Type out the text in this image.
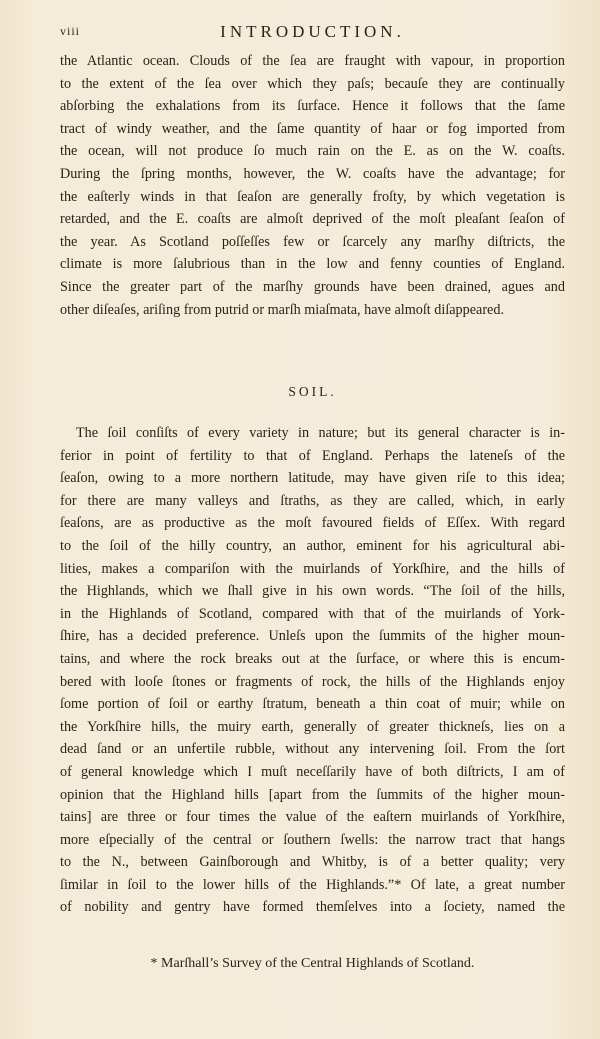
viii	INTRODUCTION.
the Atlantic ocean. Clouds of the ſea are fraught with vapour, in proportion
to the extent of the ſea over which they paſs; becauſe they are continually
abſorbing the exhalations from its ſurface. Hence it follows that the ſame
tract of windy weather, and the ſame quantity of haar or fog imported from
the ocean, will not produce ſo much rain on the E. as on the W. coaſts.
During the ſpring months, however, the W. coaſts have the advantage; for
the eaſterly winds in that ſeaſon are generally froſty, by which vegetation is
retarded, and the E. coaſts are almoſt deprived of the moſt pleaſant ſeaſon of
the year. As Scotland poſſeſſes few or ſcarcely any marſhy diſtricts, the
climate is more ſalubrious than in the low and fenny counties of England.
Since the greater part of the marſhy grounds have been drained, agues and
other diſeaſes, ariſing from putrid or marſh miaſmata, have almoſt diſappeared.
SOIL.
The ſoil conſiſts of every variety in nature; but its general character is in-
ferior in point of fertility to that of England. Perhaps the lateneſs of the
ſeaſon, owing to a more northern latitude, may have given riſe to this idea;
for there are many valleys and ſtraths, as they are called, which, in early
ſeaſons, are as productive as the moſt favoured fields of Eſſex. With regard
to the ſoil of the hilly country, an author, eminent for his agricultural abi-
lities, makes a compariſon with the muirlands of Yorkſhire, and the hills of
the Highlands, which we ſhall give in his own words. “The ſoil of the hills,
in the Highlands of Scotland, compared with that of the muirlands of York-
ſhire, has a decided preference. Unleſs upon the ſummits of the higher moun-
tains, and where the rock breaks out at the ſurface, or where this is encum-
bered with looſe ſtones or fragments of rock, the hills of the Highlands enjoy
ſome portion of ſoil or earthy ſtratum, beneath a thin coat of muir; while on
the Yorkſhire hills, the muiry earth, generally of greater thickneſs, lies on a
dead ſand or an unfertile rubble, without any intervening ſoil. From the ſort
of general knowledge which I muſt neceſſarily have of both diſtricts, I am of
opinion that the Highland hills [apart from the ſummits of the higher moun-
tains] are three or four times the value of the eaſtern muirlands of Yorkſhire,
more eſpecially of the central or ſouthern ſwells: the narrow tract that hangs
to the N., between Gainſborough and Whitby, is of a better quality; very
ſimilar in ſoil to the lower hills of the Highlands.”* Of late, a great number
of nobility and gentry have formed themſelves into a ſociety, named the
* Marſhall’s Survey of the Central Highlands of Scotland.
